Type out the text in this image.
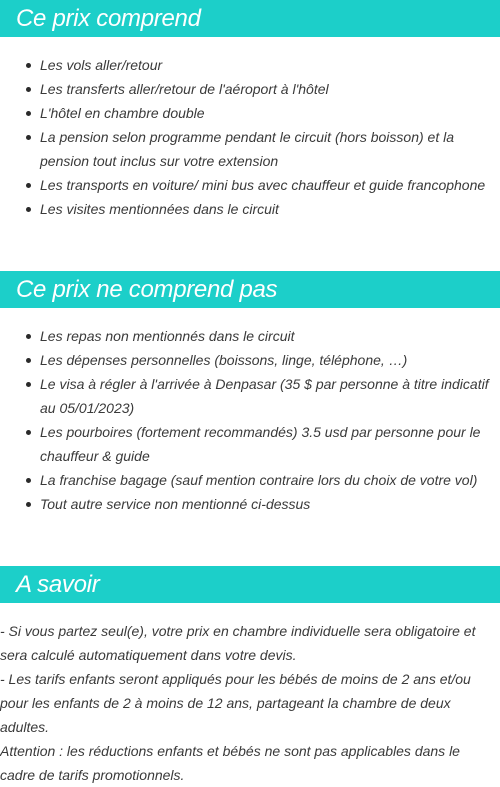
Ce prix comprend
Les vols aller/retour
Les transferts aller/retour de l'aéroport à l'hôtel
L'hôtel en chambre double
La pension selon programme pendant le circuit (hors boisson) et la pension tout inclus sur votre extension
Les transports en voiture/ mini bus avec chauffeur et guide francophone
Les visites mentionnées dans le circuit
Ce prix ne comprend pas
Les repas non mentionnés dans le circuit
Les dépenses personnelles (boissons, linge, téléphone, …)
Le visa à régler à l'arrivée à Denpasar (35 $ par personne à titre indicatif au 05/01/2023)
Les pourboires (fortement recommandés) 3.5 usd par personne pour le chauffeur & guide
La franchise bagage (sauf mention contraire lors du choix de votre vol)
Tout autre service non mentionné ci-dessus
A savoir

- Si vous partez seul(e), votre prix en chambre individuelle sera obligatoire et sera calculé automatiquement dans votre devis.

- Les tarifs enfants seront appliqués pour les bébés de moins de 2 ans et/ou pour les enfants de 2 à moins de 12 ans, partageant la chambre de deux adultes.

Attention : les réductions enfants et bébés ne sont pas applicables dans le cadre de tarifs promotionnels.
